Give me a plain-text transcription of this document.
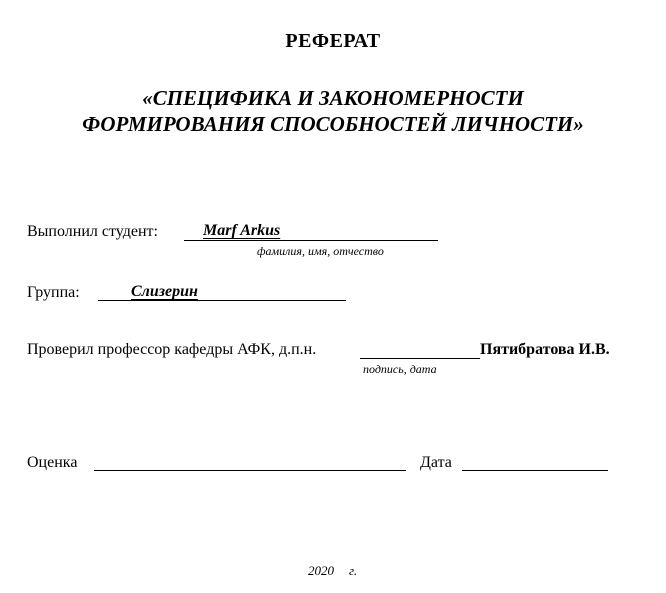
РЕФЕРАТ
«СПЕЦИФИКА И ЗАКОНОМЕРНОСТИ
ФОРМИРОВАНИЯ СПОСОБНОСТЕЙ ЛИЧНОСТИ»
Выполнил студент:	Marf Arkus
фамилия, имя, отчество
Группа:	Слизерин
Проверил профессор кафедры АФК, д.п.н.	Пятибратова И.В.
подпись, дата
Оценка	Дата
2020 г.
